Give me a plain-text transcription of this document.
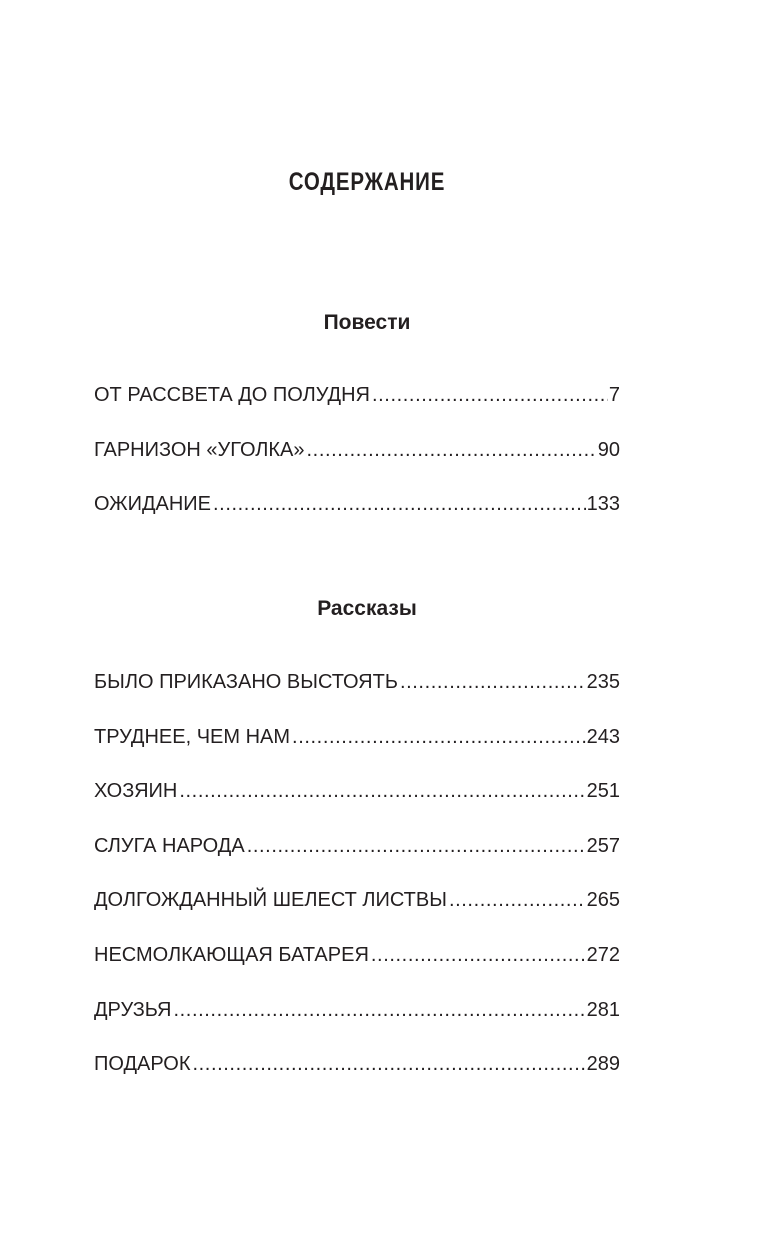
СОДЕРЖАНИЕ
Повести
ОТ РАССВЕТА ДО ПОЛУДНЯ .....	7
ГАРНИЗОН «УГОЛКА» .....	90
ОЖИДАНИЕ .....	133
Рассказы
БЫЛО ПРИКАЗАНО ВЫСТОЯТЬ .....	235
ТРУДНЕЕ, ЧЕМ НАМ .....	243
ХОЗЯИН .....	251
СЛУГА НАРОДА .....	257
ДОЛГОЖДАННЫЙ ШЕЛЕСТ ЛИСТВЫ .....	265
НЕСМОЛКАЮЩАЯ БАТАРЕЯ .....	272
ДРУЗЬЯ .....	281
ПОДАРОК .....	289
